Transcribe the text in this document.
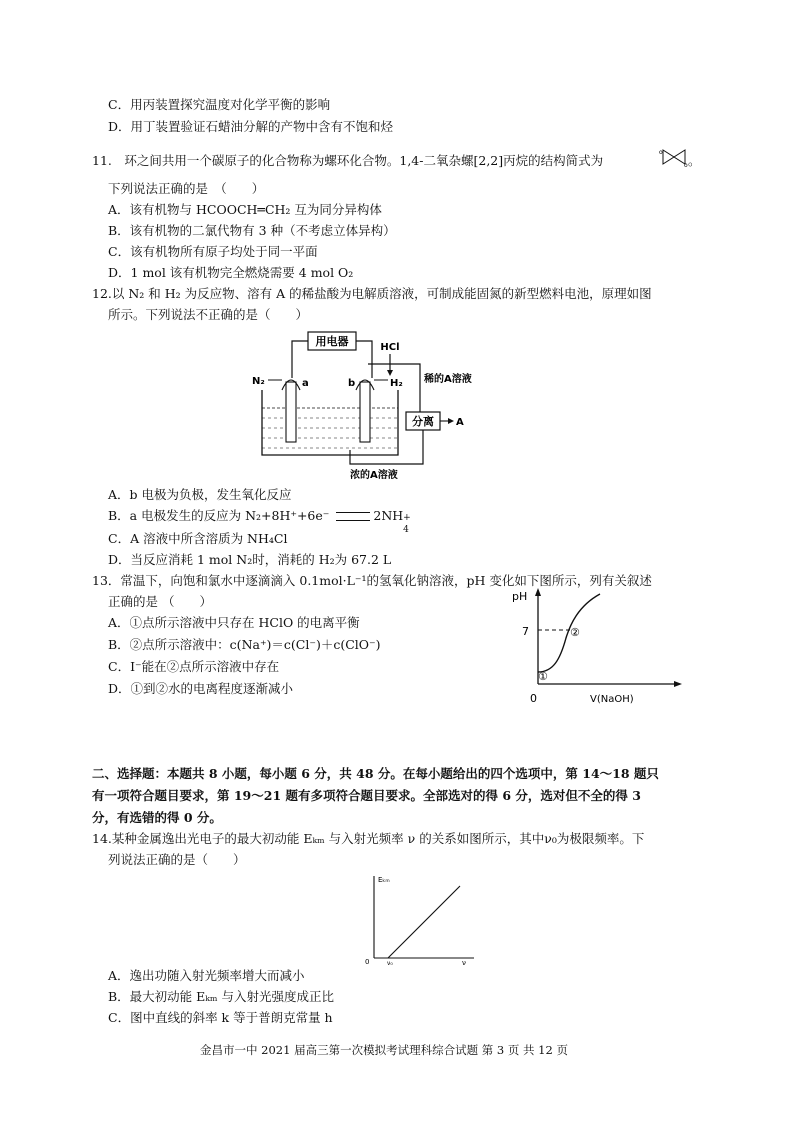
C．用丙装置探究温度对化学平衡的影响
D．用丁装置验证石蜡油分解的产物中含有不饱和烃
11.　环之间共用一个碳原子的化合物称为螺环化合物。1,4-二氧杂螺[2,2]丙烷的结构简式为
o
o 。
下列说法正确的是　（　　）
A．该有机物与 HCOOCH═CH₂ 互为同分异构体
B．该有机物的二氯代物有 3 种（不考虑立体异构）
C．该有机物所有原子均处于同一平面
D．1 mol 该有机物完全燃烧需要 4 mol O₂
12.以 N₂ 和 H₂ 为反应物、溶有 A 的稀盐酸为电解质溶液，可制成能固氮的新型燃料电池，原理如图
所示。下列说法不正确的是（　　）
用电器	HCl
稀的A溶液
N₂	a	b	H₂
分离 A
浓的A溶液
A．b 电极为负极，发生氧化反应
B．a 电极发生的反应为 N₂+8H⁺+6e⁻	2NH +
4
C．A 溶液中所含溶质为 NH₄Cl
D．当反应消耗 1 mol N₂时，消耗的 H₂为 67.2 L
13．常温下，向饱和氯水中逐滴滴入 0.1mol·L⁻¹的氢氧化钠溶液，pH 变化如下图所示，列有关叙述
正确的是 （　　）
A．①点所示溶液中只存在 HClO 的电离平衡
B．②点所示溶液中：c(Na⁺)＝c(Cl⁻)＋c(ClO⁻)
C．I⁻能在②点所示溶液中存在
D．①到②水的电离程度逐渐减小
pH
7
0	V(NaOH)
①
②
二、选择题：本题共 8 小题，每小题 6 分，共 48 分。在每小题给出的四个选项中，第 14～18 题只
有一项符合题目要求，第 19～21 题有多项符合题目要求。全部选对的得 6 分，选对但不全的得 3
分，有选错的得 0 分。
14.某种金属逸出光电子的最大初动能 Eₖₘ 与入射光频率 ν 的关系如图所示，其中ν₀为极限频率。下
列说法正确的是（　　）
Eₖₘ
0	ν₀	ν
A．逸出功随入射光频率增大而减小
B．最大初动能 Eₖₘ 与入射光强度成正比
C．图中直线的斜率 k 等于普朗克常量 h
金昌市一中 2021 届高三第一次模拟考试理科综合试题 第 3 页 共 12 页
